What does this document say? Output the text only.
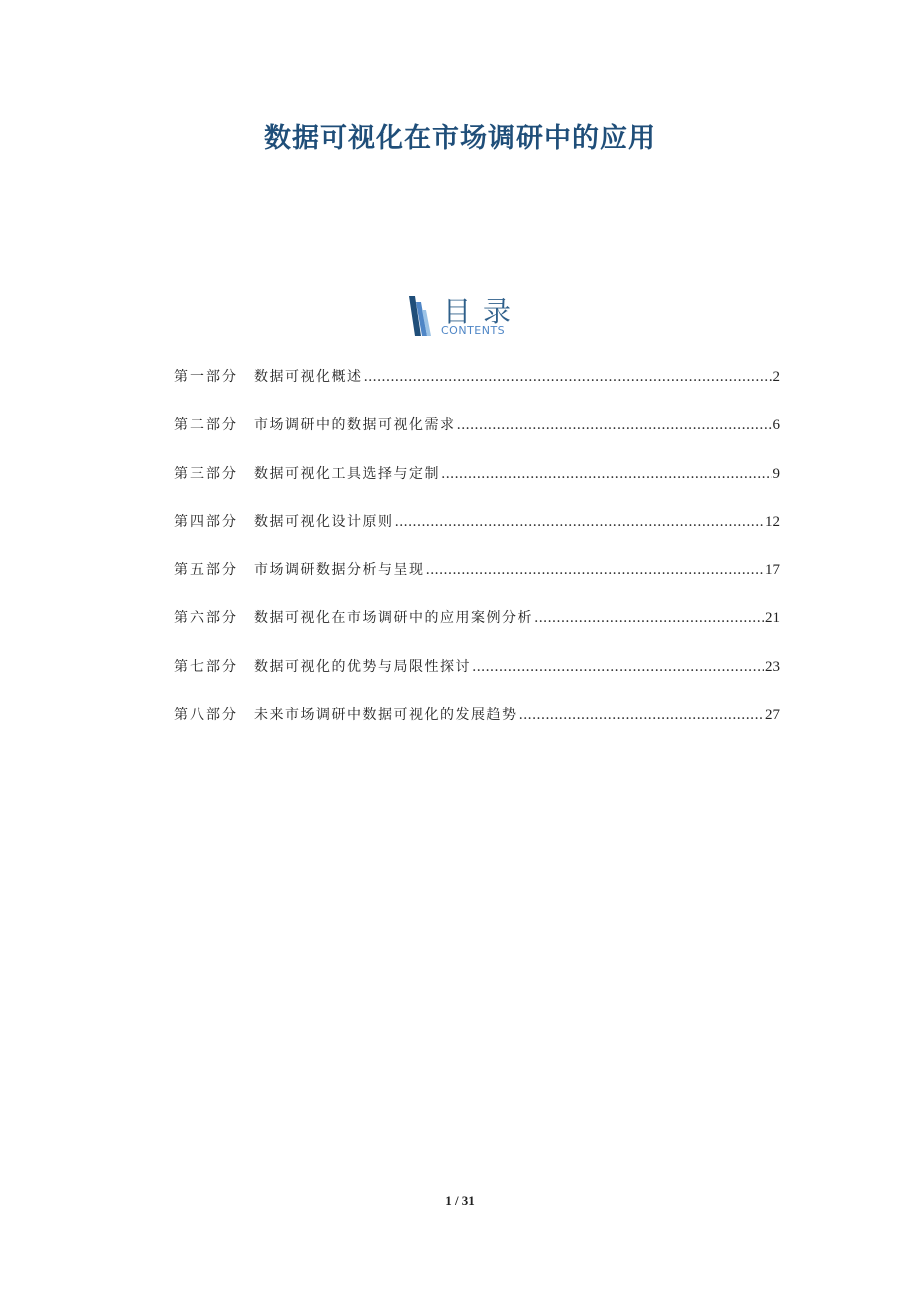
数据可视化在市场调研中的应用
目录
CONTENTS
第一部分	数据可视化概述 .....	2
第二部分	市场调研中的数据可视化需求 .....	6
第三部分	数据可视化工具选择与定制 .....	9
第四部分	数据可视化设计原则 .....	12
第五部分	市场调研数据分析与呈现 .....	17
第六部分	数据可视化在市场调研中的应用案例分析 .....	21
第七部分	数据可视化的优势与局限性探讨 .....	23
第八部分	未来市场调研中数据可视化的发展趋势 .....	27
1 / 31
